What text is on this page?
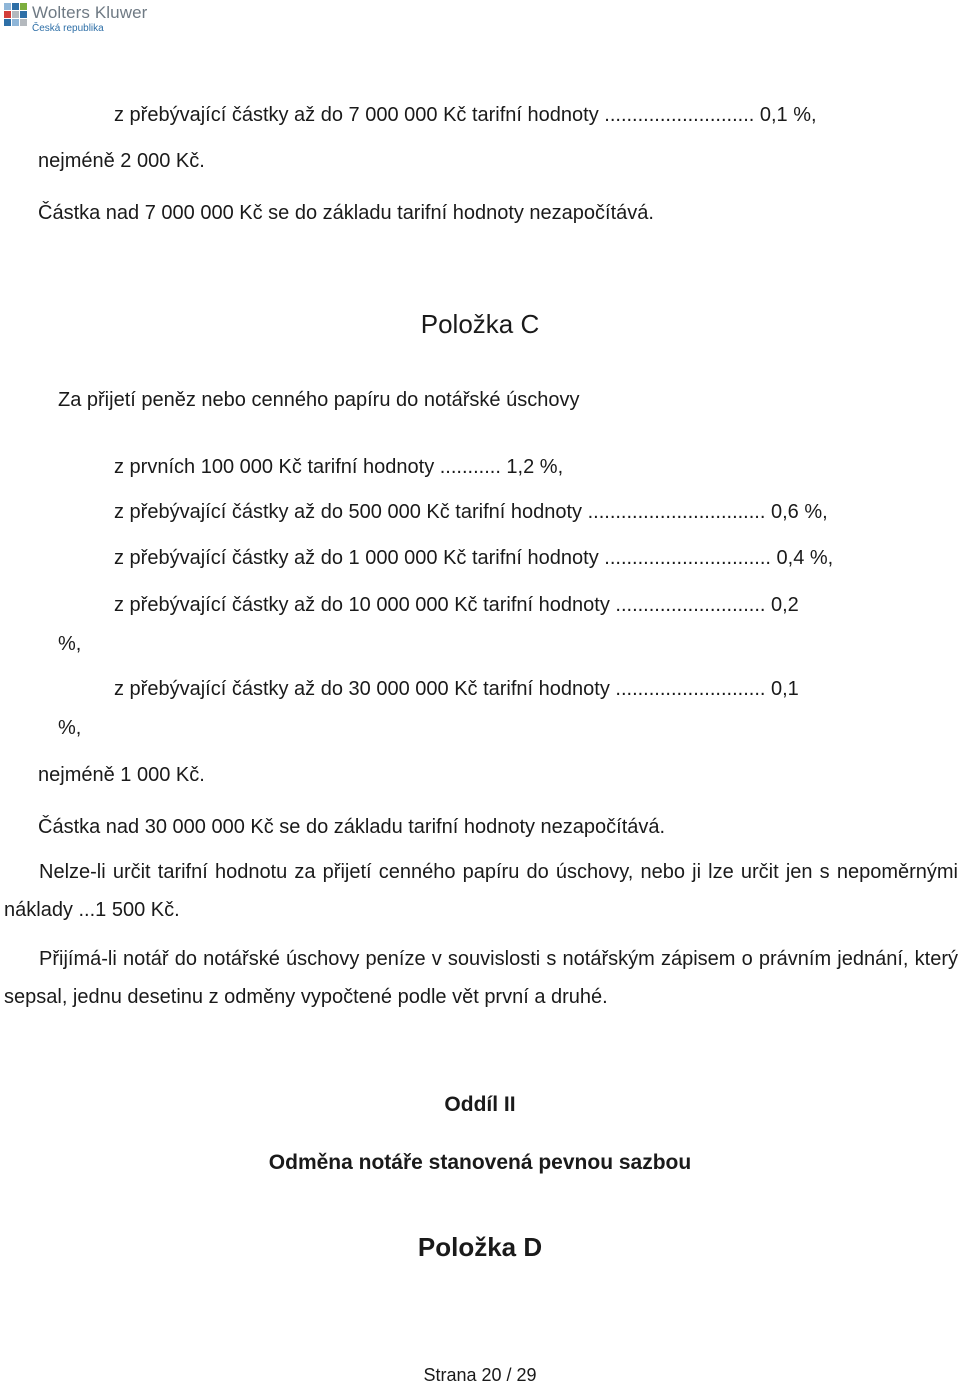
Wolters Kluwer
Česká republika
z přebývající částky až do 7 000 000 Kč tarifní hodnoty ........................... 0,1 %,
nejméně 2 000 Kč.
Částka nad 7 000 000 Kč se do základu tarifní hodnoty nezapočítává.
Položka C
Za přijetí peněz nebo cenného papíru do notářské úschovy
z prvních 100 000 Kč tarifní hodnoty ........... 1,2 %,
z přebývající částky až do 500 000 Kč tarifní hodnoty ................................ 0,6 %,
z přebývající částky až do 1 000 000 Kč tarifní hodnoty .............................. 0,4 %,
z přebývající částky až do 10 000 000 Kč tarifní hodnoty ........................... 0,2
%,
z přebývající částky až do 30 000 000 Kč tarifní hodnoty ........................... 0,1
%,
nejméně 1 000 Kč.
Částka nad 30 000 000 Kč se do základu tarifní hodnoty nezapočítává.
Nelze-li určit tarifní hodnotu za přijetí cenného papíru do úschovy, nebo ji lze určit jen s nepoměrnými náklady ...1 500 Kč.
Přijímá-li notář do notářské úschovy peníze v souvislosti s notářským zápisem o právním jednání, který sepsal, jednu desetinu z odměny vypočtené podle vět první a druhé.
Oddíl II
Odměna notáře stanovená pevnou sazbou
Položka D
Strana 20 / 29
